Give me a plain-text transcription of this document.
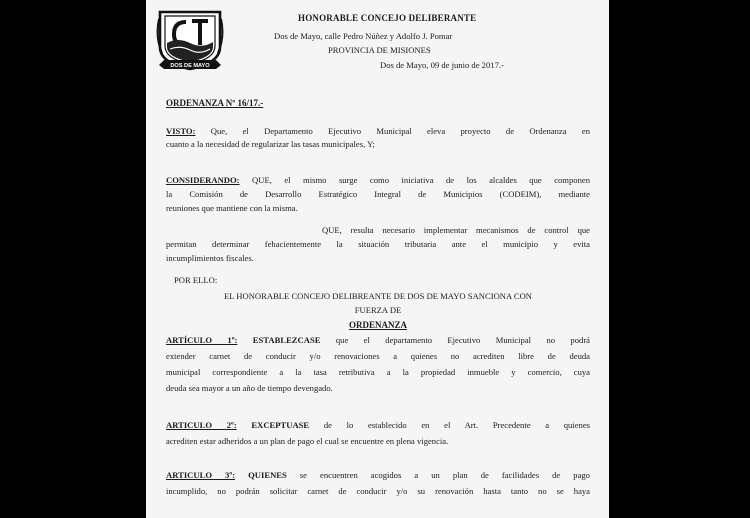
DOS DE MAYO
HONORABLE CONCEJO DELIBERANTE
Dos de Mayo, calle Pedro Núñez y Adolfo J. Pomar
PROVINCIA DE MISIONES
Dos de Mayo, 09 de junio de 2017.-
ORDENANZA Nº 16/17.-
VISTO: Que, el Departamento Ejecutivo Municipal eleva proyecto de Ordenanza en
cuanto a la necesidad de regularizar las tasas municipales, Y;
CONSIDERANDO: QUE, el mismo surge como iniciativa de los alcaldes que componen
la Comisión de Desarrollo Estratégico Integral de Municipios (CODEIM), mediante
reuniones que mantiene con la misma.
QUE, resulta necesario implementar mecanismos de control que
permitan determinar fehacientemente la situación tributaria ante el municipio y evita
incumplimientos fiscales.
POR ELLO:
EL HONORABLE CONCEJO DELIBREANTE DE DOS DE MAYO SANCIONA CON
FUERZA DE
ORDENANZA
ARTÍCULO 1º: ESTABLEZCASE que el departamento Ejecutivo Municipal no podrá
extender carnet de conducir y/o renovaciones a quienes no acrediten libre de deuda
municipal correspondiente a la tasa retributiva a la propiedad inmueble y comercio, cuya
deuda sea mayor a un año de tiempo devengado.
ARTICULO 2º: EXCEPTUASE de lo establecido en el Art. Precedente a quienes
acrediten estar adheridos a un plan de pago el cual se encuentre en plena vigencia.
ARTICULO 3º: QUIENES se encuentren acogidos a un plan de facilidades de pago
incumplido, no podrán solicitar carnet de conducir y/o su renovación hasta tanto no se haya
